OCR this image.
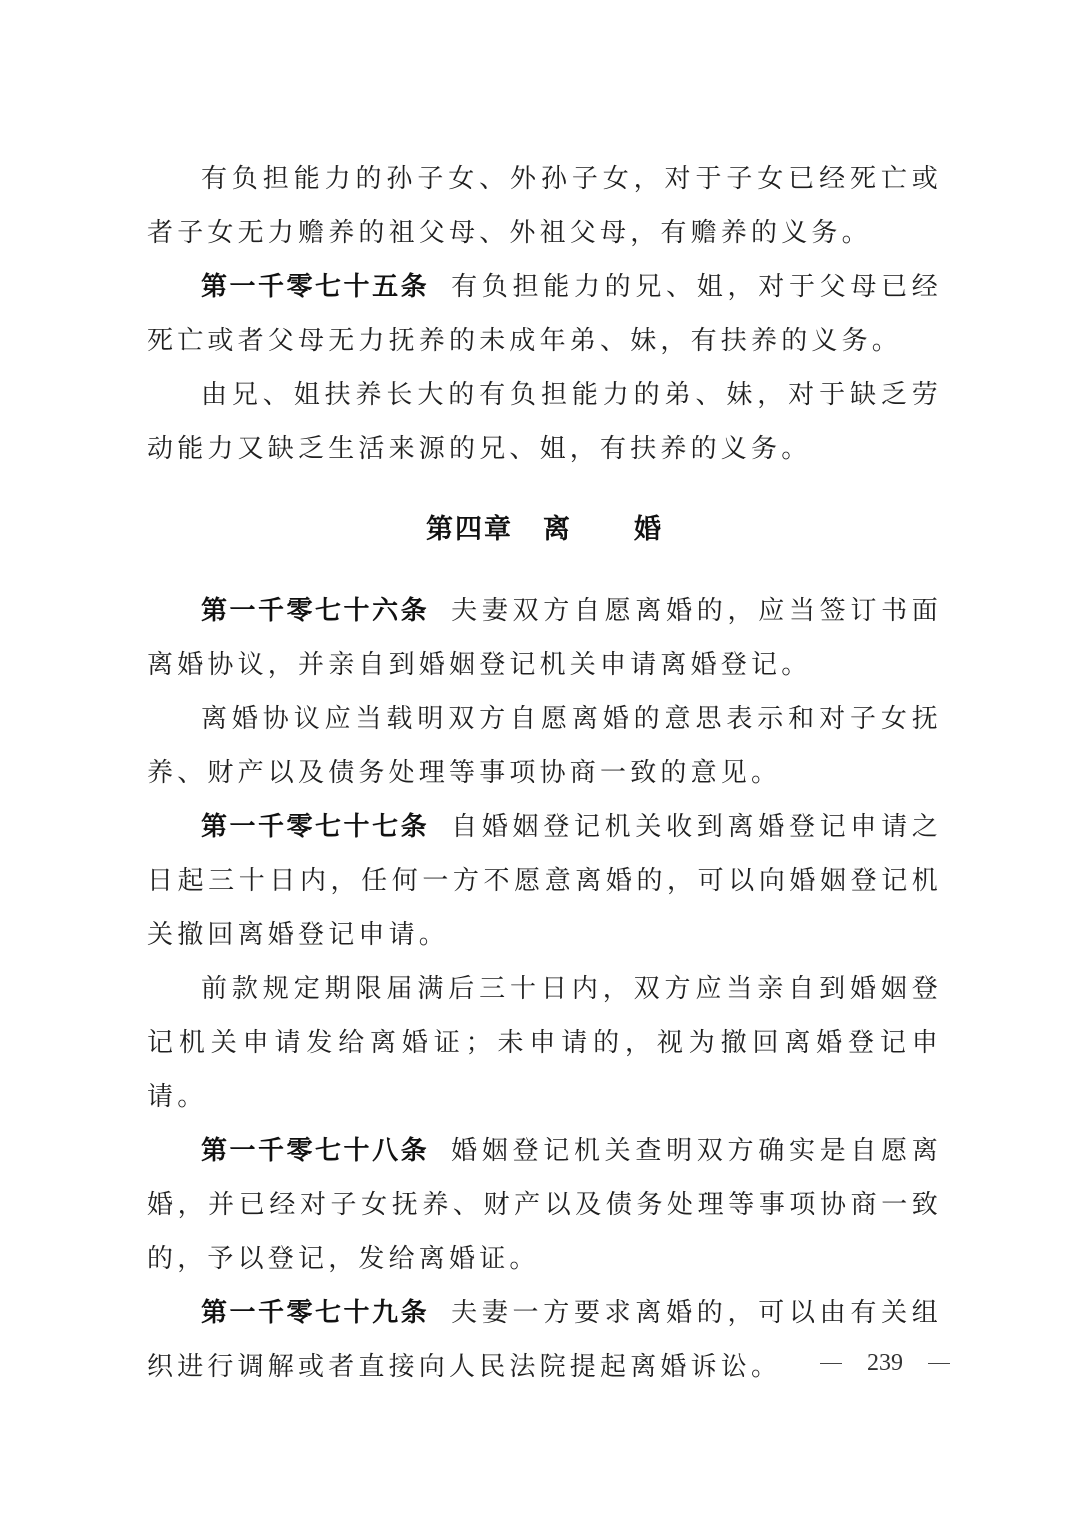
有负担能力的孙子女、外孙子女，对于子女已经死亡或者子女无力赡养的祖父母、外祖父母，有赡养的义务。

第一千零七十五条 有负担能力的兄、姐，对于父母已经死亡或者父母无力抚养的未成年弟、妹，有扶养的义务。

由兄、姐扶养长大的有负担能力的弟、妹，对于缺乏劳动能力又缺乏生活来源的兄、姐，有扶养的义务。

第四章 离 婚

第一千零七十六条 夫妻双方自愿离婚的，应当签订书面离婚协议，并亲自到婚姻登记机关申请离婚登记。

离婚协议应当载明双方自愿离婚的意思表示和对子女抚养、财产以及债务处理等事项协商一致的意见。

第一千零七十七条 自婚姻登记机关收到离婚登记申请之日起三十日内，任何一方不愿意离婚的，可以向婚姻登记机关撤回离婚登记申请。

前款规定期限届满后三十日内，双方应当亲自到婚姻登记机关申请发给离婚证；未申请的，视为撤回离婚登记申请。

第一千零七十八条 婚姻登记机关查明双方确实是自愿离婚，并已经对子女抚养、财产以及债务处理等事项协商一致的，予以登记，发给离婚证。

第一千零七十九条 夫妻一方要求离婚的，可以由有关组织进行调解或者直接向人民法院提起离婚诉讼。	239
